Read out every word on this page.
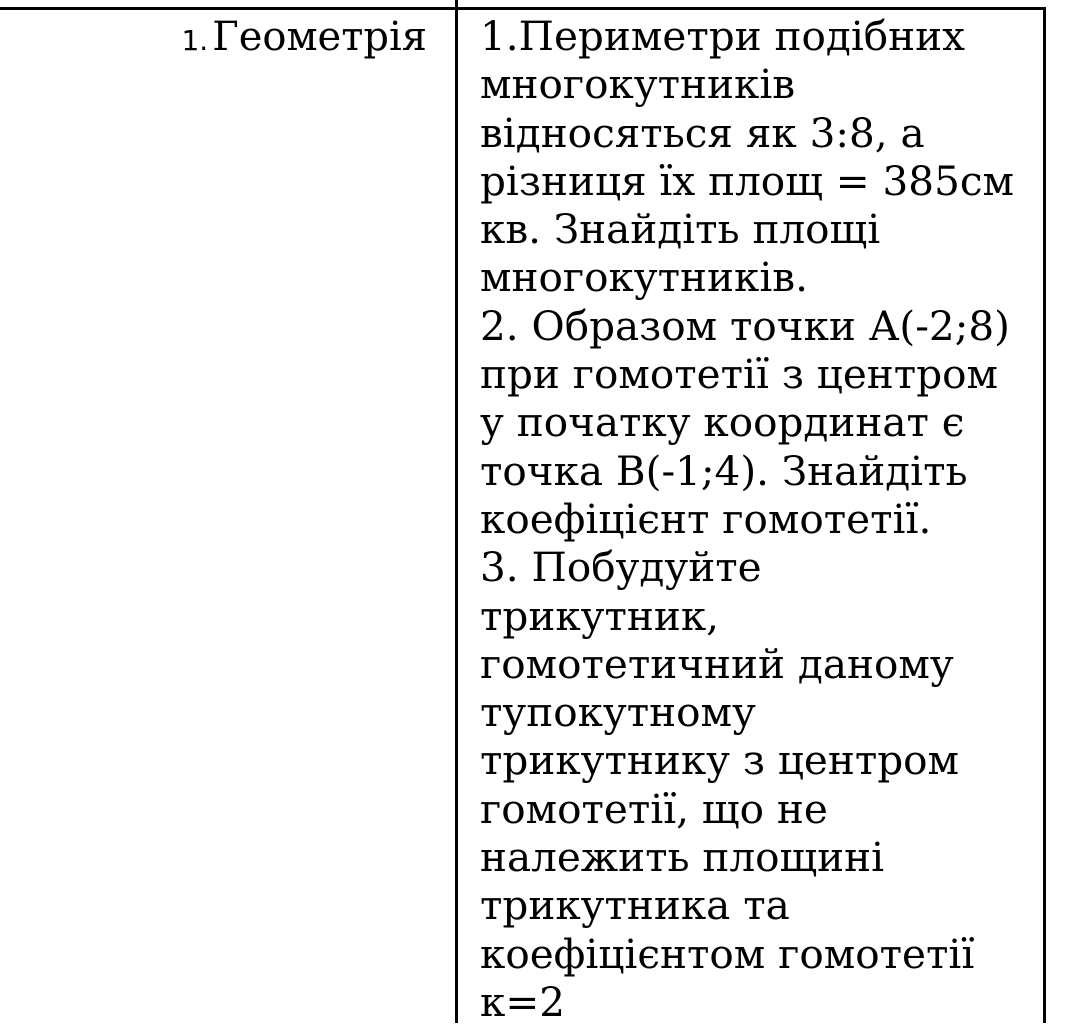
1. Геометрія 1.Периметри подібних
многокутників
відносяться як 3:8, а
різниця їх площ = 385см
кв. Знайдіть площі
многокутників.
2. Образом точки А(-2;8)
при гомотетії з центром
у початку координат є
точка В(-1;4). Знайдіть
коефіцієнт гомотетії.
3. Побудуйте
трикутник,
гомотетичний даному
тупокутному
трикутнику з центром
гомотетії, що не
належить площині
трикутника та
коефіцієнтом гомотетії
к=2
